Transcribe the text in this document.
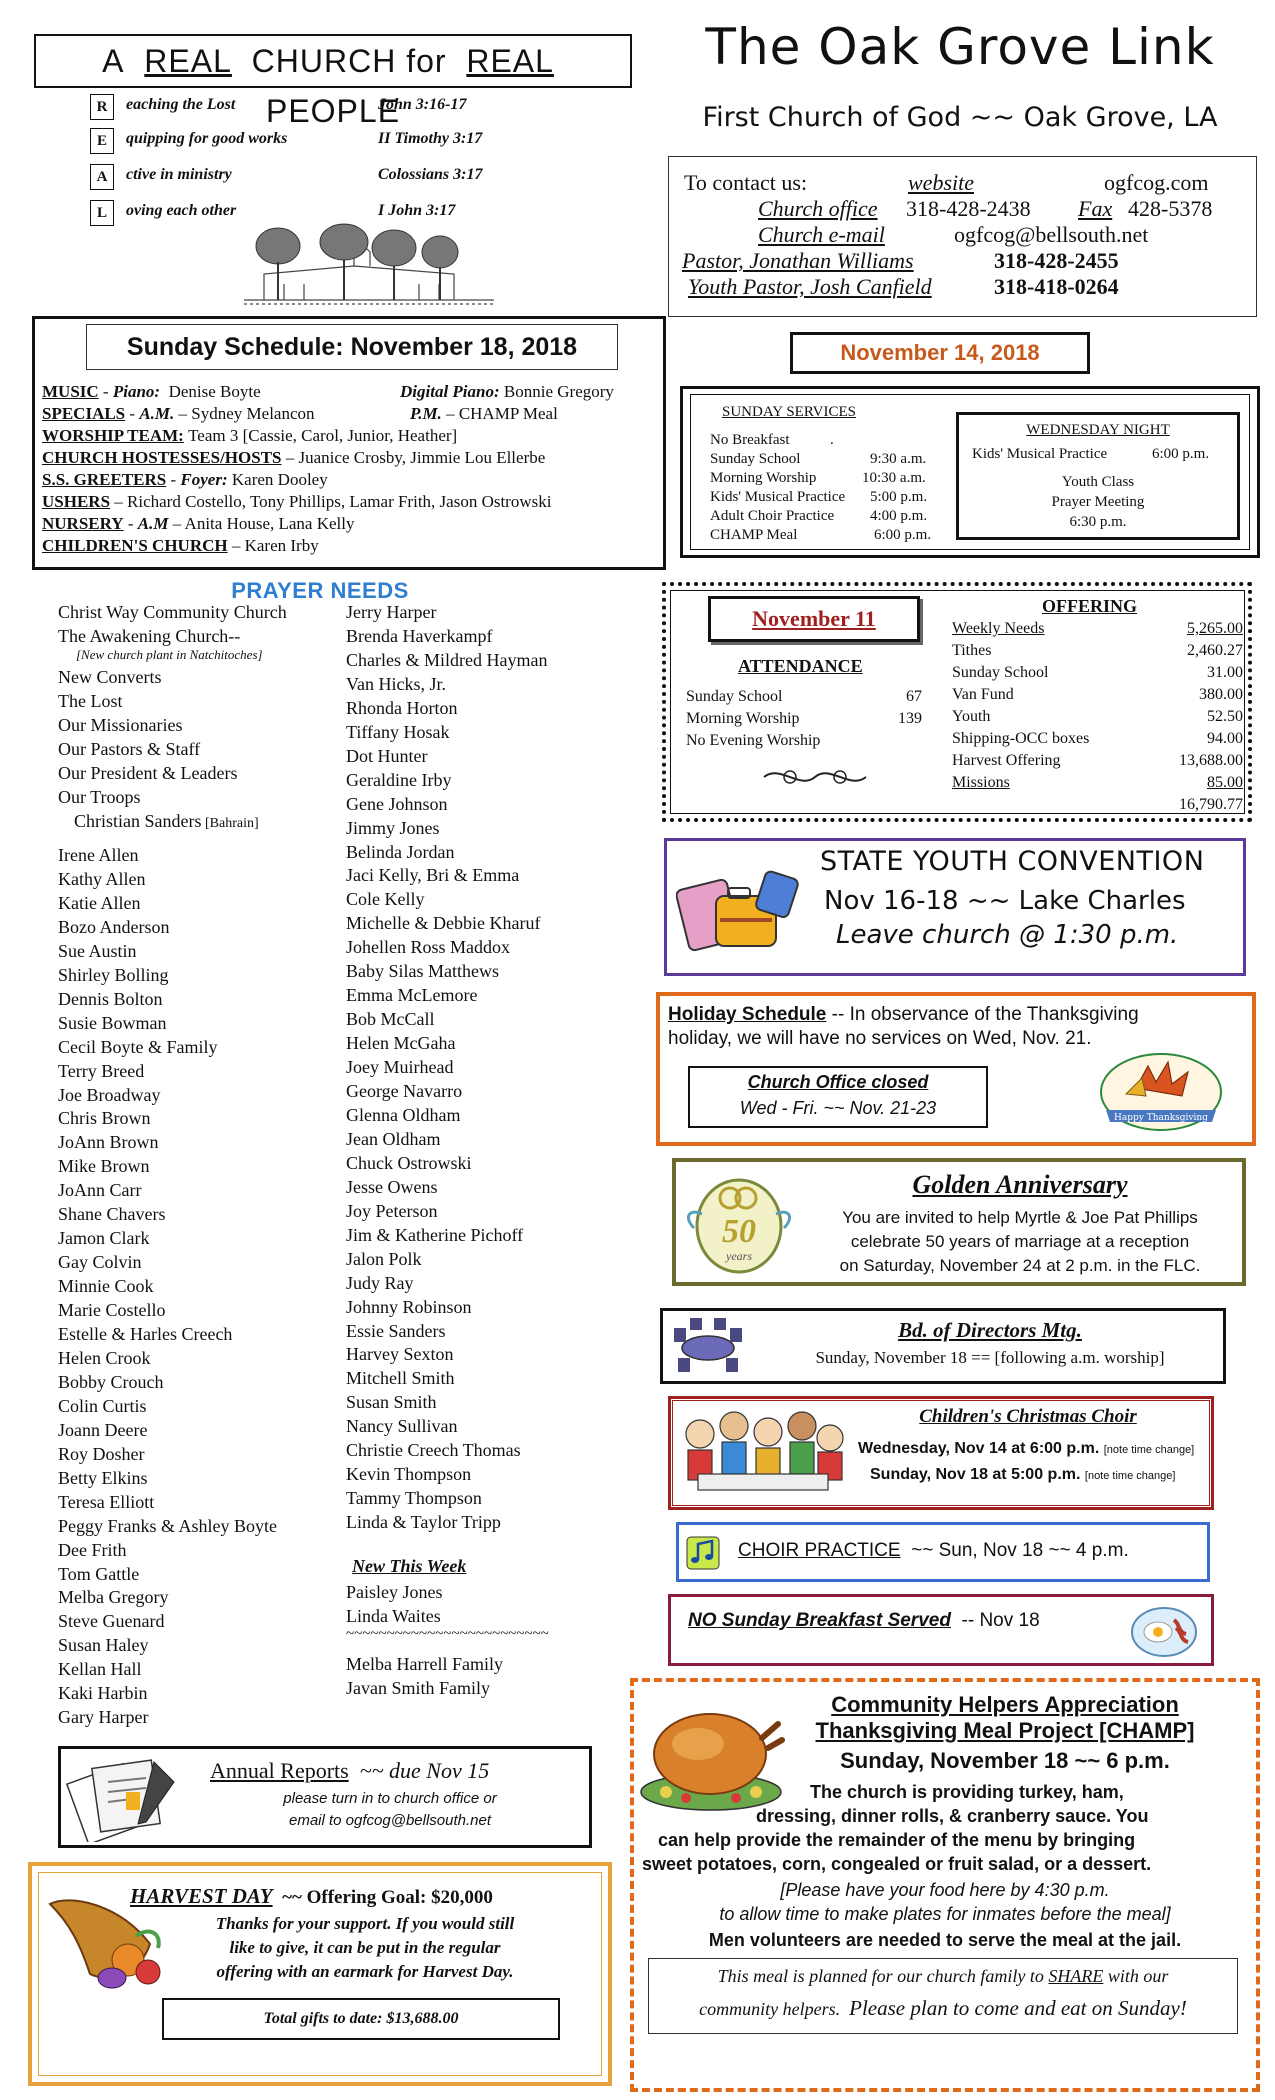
A REAL CHURCH for REAL  PEOPLE
R	eaching the Lost	John 3:16-17
E	quipping for good works	II Timothy 3:17
A	ctive in ministry	Colossians 3:17
L	oving each other	I John 3:17
The Oak Grove Link
First Church of God ~~ Oak Grove, LA
To contact us:	website	ogfcog.com
Church office 318-428-2438 Fax 428-5378
Church e-mail	ogfcog@bellsouth.net
Pastor, Jonathan Williams	318-428-2455
Youth Pastor, Josh Canfield	318-418-0264
Sunday Schedule: November 18, 2018
MUSIC - Piano: Denise Boyte	Digital Piano: Bonnie Gregory
SPECIALS - A.M. – Sydney Melancon	P.M. – CHAMP Meal
WORSHIP TEAM: Team 3 [Cassie, Carol, Junior, Heather]
CHURCH HOSTESSES/HOSTS – Juanice Crosby, Jimmie Lou Ellerbe
S.S. GREETERS - Foyer: Karen Dooley
USHERS – Richard Costello, Tony Phillips, Lamar Frith, Jason Ostrowski
NURSERY - A.M – Anita House, Lana Kelly
CHILDREN'S CHURCH – Karen Irby
November 14, 2018
SUNDAY SERVICES
No Breakfast	.
Sunday School	9:30 a.m.
Morning Worship	10:30 a.m.
Kids' Musical Practice 5:00 p.m.
Adult Choir Practice 4:00 p.m.
CHAMP Meal	6:00 p.m.
WEDNESDAY NIGHT
Kids' Musical Practice	6:00 p.m.
Youth Class
Prayer Meeting
6:30 p.m.
November 11
ATTENDANCE
Sunday School	67
Morning Worship	139
No Evening Worship
OFFERING
Weekly Needs	5,265.00
Tithes	2,460.27
Sunday School	31.00
Van Fund	380.00
Youth	52.50
Shipping-OCC boxes	94.00
Harvest Offering	13,688.00
Missions	85.00
16,790.77
PRAYER NEEDS
STATE YOUTH CONVENTION
Nov 16-18 ~~ Lake Charles
Leave church @ 1:30 p.m.
Holiday Schedule -- In observance of the Thanksgiving
holiday, we will have no services on Wed, Nov. 21.
Church Office closed
Wed - Fri. ~~ Nov. 21-23	Happy Thanksgiving
50
years
Golden Anniversary
You are invited to help Myrtle & Joe Pat Phillips
celebrate 50 years of marriage at a reception
on Saturday, November 24 at 2 p.m. in the FLC.
Bd. of Directors Mtg.
Sunday, November 18 == [following a.m. worship]
Children's Christmas Choir
Wednesday, Nov 14 at 6:00 p.m. [note time change]
Sunday, Nov 18 at 5:00 p.m. [note time change]
CHOIR PRACTICE ~~ Sun, Nov 18 ~~ 4 p.m.
NO Sunday Breakfast Served -- Nov 18
Community Helpers Appreciation
Thanksgiving Meal Project [CHAMP]
Sunday, November 18 ~~ 6 p.m.
The church is providing turkey, ham,
dressing, dinner rolls, & cranberry sauce. You
can help provide the remainder of the menu by bringing
sweet potatoes, corn, congealed or fruit salad, or a dessert.
[Please have your food here by 4:30 p.m.
to allow time to make plates for inmates before the meal]
Men volunteers are needed to serve the meal at the jail.
This meal is planned for our church family to SHARE with our
community helpers. Please plan to come and eat on Sunday!
Annual Reports ~~ due Nov 15
please turn in to church office or
email to ogfcog@bellsouth.net
HARVEST DAY ~~ Offering Goal: $20,000
Thanks for your support. If you would still
like to give, it can be put in the regular
offering with an earmark for Harvest Day.
Total gifts to date: $13,688.00
Christ Way Community Church
The Awakening Church--
[New church plant in Natchitoches]
New Converts
The Lost
Our Missionaries
Our Pastors & Staff
Our President & Leaders
Our Troops
Christian Sanders [Bahrain]
Irene Allen
Kathy Allen
Katie Allen
Bozo Anderson
Sue Austin
Shirley Bolling
Dennis Bolton
Susie Bowman
Cecil Boyte & Family
Terry Breed
Joe Broadway
Chris Brown
JoAnn Brown
Mike Brown
JoAnn Carr
Shane Chavers
Jamon Clark
Gay Colvin
Minnie Cook
Marie Costello
Estelle & Harles Creech
Helen Crook
Bobby Crouch
Colin Curtis
Joann Deere
Roy Dosher
Betty Elkins
Teresa Elliott
Peggy Franks & Ashley Boyte
Dee Frith
Tom Gattle
Melba Gregory
Steve Guenard
Susan Haley
Kellan Hall
Kaki Harbin
Gary Harper
Jerry Harper
Brenda Haverkampf
Charles & Mildred Hayman
Van Hicks, Jr.
Rhonda Horton
Tiffany Hosak
Dot Hunter
Geraldine Irby
Gene Johnson
Jimmy Jones
Belinda Jordan
Jaci Kelly, Bri & Emma
Cole Kelly
Michelle & Debbie Kharuf
Johellen Ross Maddox
Baby Silas Matthews
Emma McLemore
Bob McCall
Helen McGaha
Joey Muirhead
George Navarro
Glenna Oldham
Jean Oldham
Chuck Ostrowski
Jesse Owens
Joy Peterson
Jim & Katherine Pichoff
Jalon Polk
Judy Ray
Johnny Robinson
Essie Sanders
Harvey Sexton
Mitchell Smith
Susan Smith
Nancy Sullivan
Christie Creech Thomas
Kevin Thompson
Tammy Thompson
Linda & Taylor Tripp
New This Week
Paisley Jones
Linda Waites
~~~~~~~~~~~~~~~~~~~~~~~~~
Melba Harrell Family
Javan Smith Family
